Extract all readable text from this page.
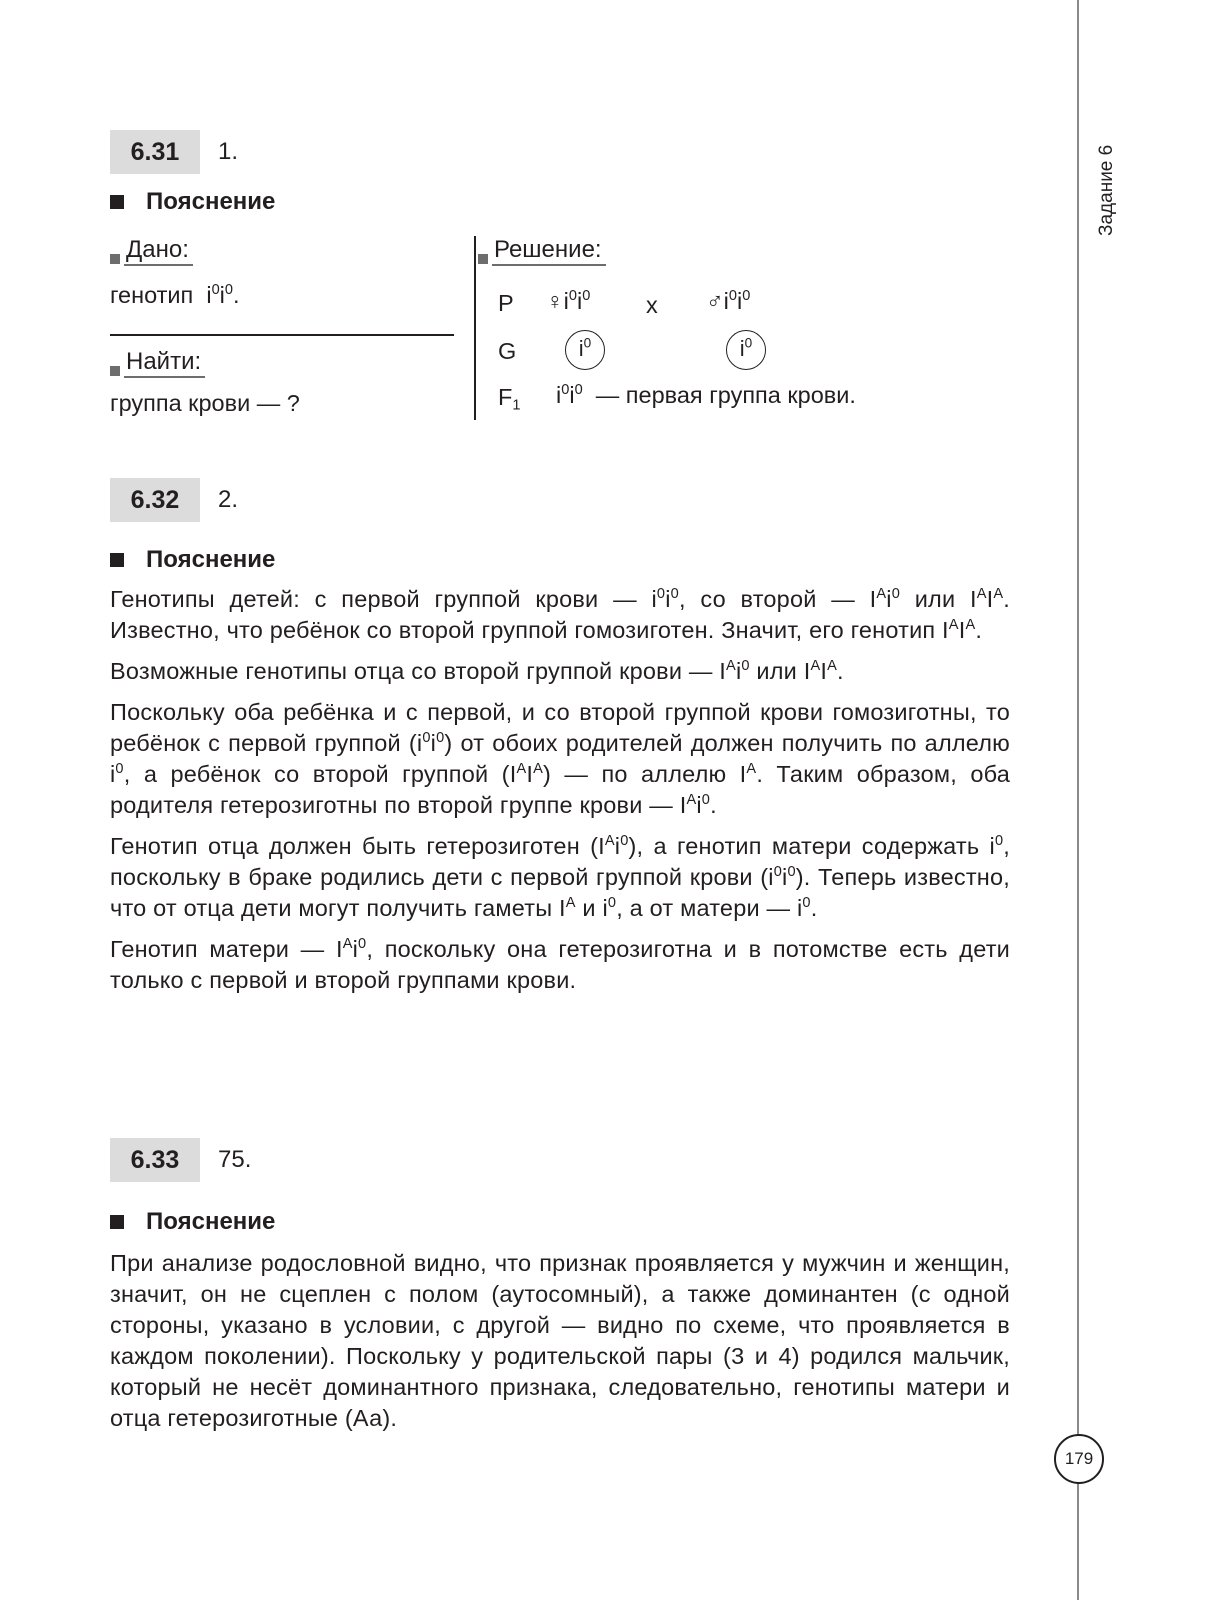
Задание 6
179
6.31	1.
Пояснение
Дано:
генотип  $i^0i^0$.
Найти:
группа крови — ?
Решение:
P $♀i^0i^0$ x $♂i^0i^0$
G	$i^0$	$i^0$
$F_1$ $i^0i^0$ — первая группа крови.
6.32	2.
Пояснение

Генотипы детей: с первой группой крови — $i^0i^0$, со второй — $I^Ai^0$ или $I^AI^A$. Известно, что ребёнок со второй группой гомозиготен. Значит, его генотип $I^AI^A$.

Возможные генотипы отца со второй группой крови — $I^Ai^0$ или $I^AI^A$.

Поскольку оба ребёнка и с первой, и со второй группой крови гомозиготны, то ребёнок с первой группой $(i^0i^0)$ от обоих родителей должен получить по аллелю $i^0$, а ребёнок со второй группой $(I^AI^A)$ — по аллелю $I^A$. Таким образом, оба родителя гетерозиготны по второй группе крови — $I^Ai^0$.

Генотип отца должен быть гетерозиготен $(I^Ai^0)$, а генотип матери содержать $i^0$, поскольку в браке родились дети с первой группой крови $(i^0i^0)$. Теперь известно, что от отца дети могут получить гаметы $I^A$ и $i^0$, а от матери — $i^0$.

Генотип матери — $I^Ai^0$, поскольку она гетерозиготна и в потомстве есть дети только с первой и второй группами крови.

6.33	75.
Пояснение

При анализе родословной видно, что признак проявляется у мужчин и женщин, значит, он не сцеплен с полом (аутосомный), а также доминантен (с одной стороны, указано в условии, с другой — видно по схеме, что проявляется в каждом поколении). Поскольку у родительской пары (3 и 4) родился мальчик, который не несёт доминантного признака, следовательно, генотипы матери и отца гетерозиготные (Аа).
